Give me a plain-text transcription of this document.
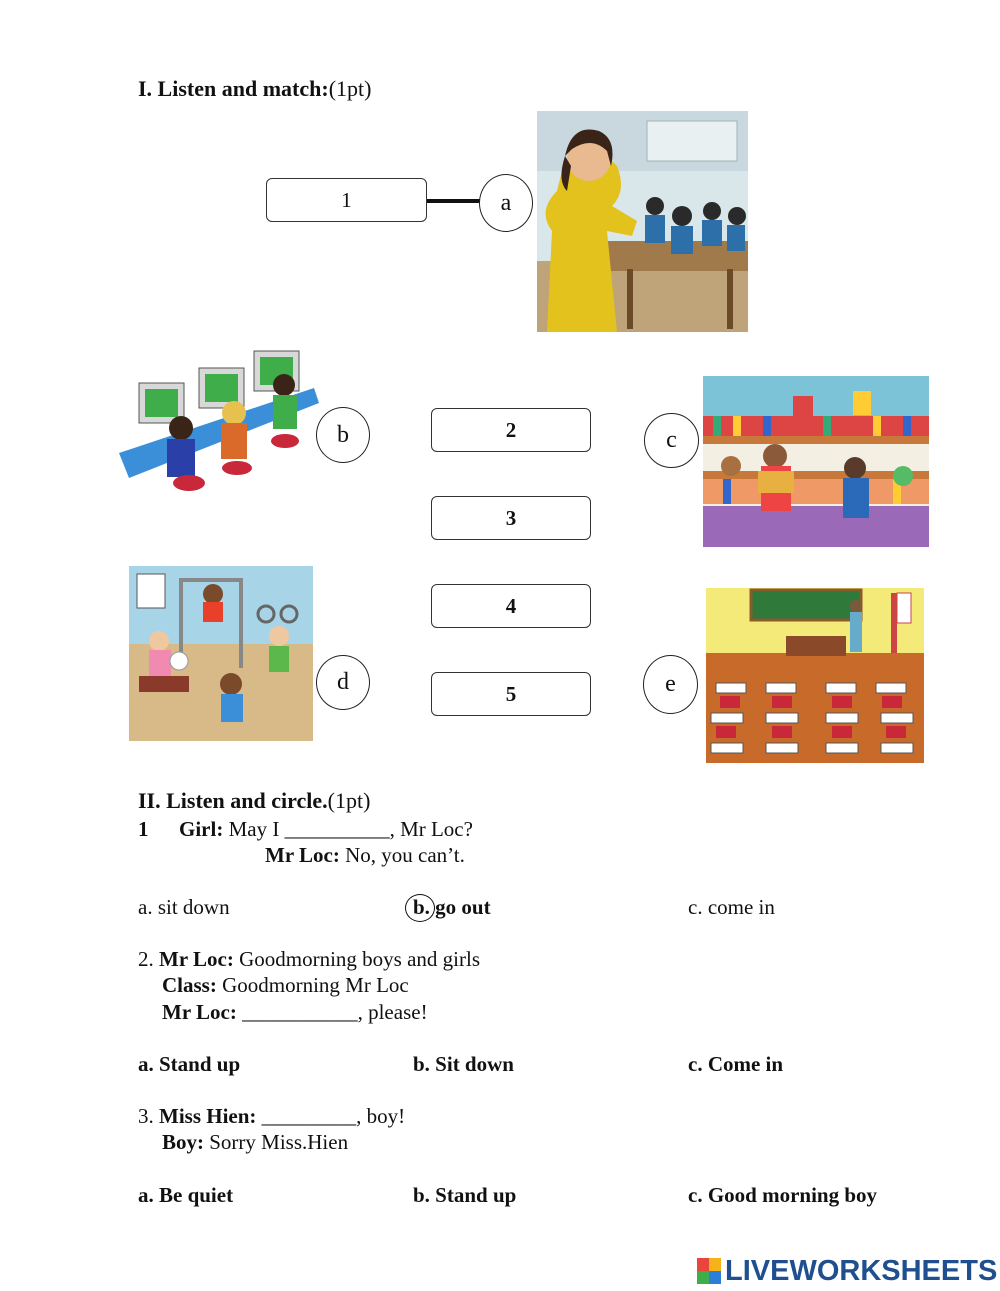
I. Listen and match:(1pt)
1	a
b	2
3
4
5
c
d	e
II. Listen and circle.(1pt)
1 Girl: May I __________, Mr Loc?
Mr Loc: No, you can’t.
a. sit down	b. go out	c. come in
2. Mr Loc: Goodmorning boys and girls
Class: Goodmorning Mr Loc
Mr Loc: ___________, please!
a. Stand up	b. Sit down	c. Come in
3. Miss Hien: _________, boy!
Boy: Sorry Miss.Hien
a. Be quiet	b. Stand up	c. Good morning boy
LIVEWORKSHEETS
